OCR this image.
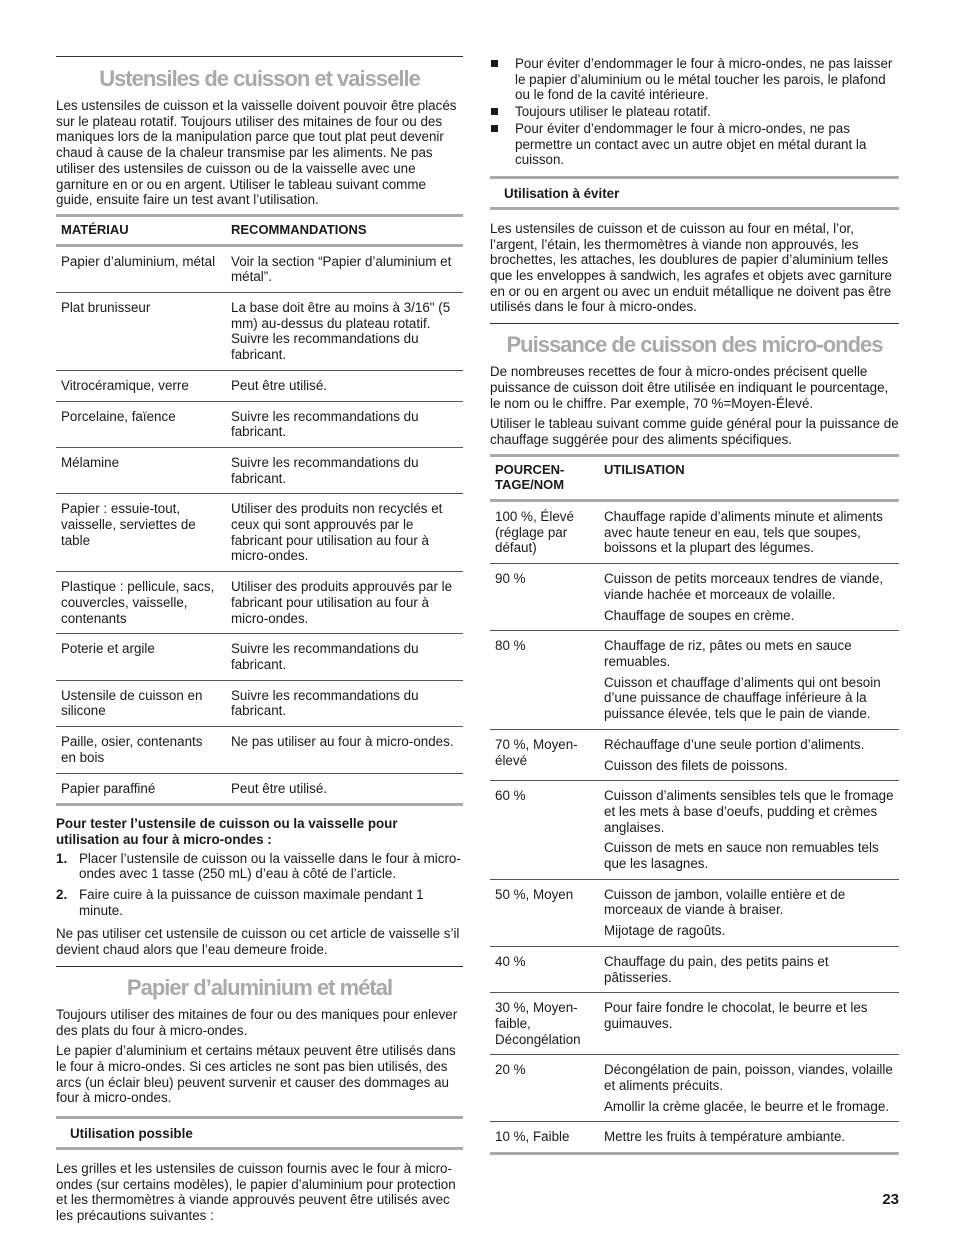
Ustensiles de cuisson et vaisselle

Les ustensiles de cuisson et la vaisselle doivent pouvoir être placés sur le plateau rotatif. Toujours utiliser des mitaines de four ou des maniques lors de la manipulation parce que tout plat peut devenir chaud à cause de la chaleur transmise par les aliments. Ne pas utiliser des ustensiles de cuisson ou de la vaisselle avec une garniture en or ou en argent. Utiliser le tableau suivant comme guide, ensuite faire un test avant l’utilisation.

MATÉRIAU	RECOMMANDATIONS
Papier d’aluminium, métal	Voir la section “Papier d’aluminium et métal”.
Plat brunisseur	La base doit être au moins à 3/16" (5 mm) au-dessus du plateau rotatif. Suivre les recommandations du fabricant.
Vitrocéramique, verre	Peut être utilisé.
Porcelaine, faïence	Suivre les recommandations du fabricant.
Mélamine	Suivre les recommandations du fabricant.
Papier : essuie-tout, vaisselle, serviettes de table	Utiliser des produits non recyclés et ceux qui sont approuvés par le fabricant pour utilisation au four à micro-ondes.
Plastique : pellicule, sacs, couvercles, vaisselle, contenants	Utiliser des produits approuvés par le fabricant pour utilisation au four à micro-ondes.
Poterie et argile	Suivre les recommandations du fabricant.
Ustensile de cuisson en silicone	Suivre les recommandations du fabricant.
Paille, osier, contenants en bois	Ne pas utiliser au four à micro-ondes.
Papier paraffiné	Peut être utilisé.
Pour tester l’ustensile de cuisson ou la vaisselle pour utilisation au four à micro-ondes :
1. Placer l’ustensile de cuisson ou la vaisselle dans le four à micro-ondes avec 1 tasse (250 mL) d’eau à côté de l’article.
2. Faire cuire à la puissance de cuisson maximale pendant 1 minute.

Ne pas utiliser cet ustensile de cuisson ou cet article de vaisselle s’il devient chaud alors que l’eau demeure froide.

Papier d’aluminium et métal

Toujours utiliser des mitaines de four ou des maniques pour enlever des plats du four à micro-ondes.

Le papier d’aluminium et certains métaux peuvent être utilisés dans le four à micro-ondes. Si ces articles ne sont pas bien utilisés, des arcs (un éclair bleu) peuvent survenir et causer des dommages au four à micro-ondes.

Utilisation possible

Les grilles et les ustensiles de cuisson fournis avec le four à micro-ondes (sur certains modèles), le papier d’aluminium pour protection et les thermomètres à viande approuvés peuvent être utilisés avec les précautions suivantes :

Pour éviter d’endommager le four à micro-ondes, ne pas laisser le papier d’aluminium ou le métal toucher les parois, le plafond ou le fond de la cavité intérieure.
Toujours utiliser le plateau rotatif.
Pour éviter d’endommager le four à micro-ondes, ne pas permettre un contact avec un autre objet en métal durant la cuisson.
Utilisation à éviter

Les ustensiles de cuisson et de cuisson au four en métal, l’or, l’argent, l’étain, les thermomètres à viande non approuvés, les brochettes, les attaches, les doublures de papier d’aluminium telles que les enveloppes à sandwich, les agrafes et objets avec garniture en or ou en argent ou avec un enduit métallique ne doivent pas être utilisés dans le four à micro-ondes.

Puissance de cuisson des micro-ondes

De nombreuses recettes de four à micro-ondes précisent quelle puissance de cuisson doit être utilisée en indiquant le pourcentage, le nom ou le chiffre. Par exemple, 70 %=Moyen-Élevé.

Utiliser le tableau suivant comme guide général pour la puissance de chauffage suggérée pour des aliments spécifiques.

POURCEN-
TAGE/NOM	UTILISATION
100 %, Élevé (réglage par défaut)	Chauffage rapide d’aliments minute et aliments avec haute teneur en eau, tels que soupes, boissons et la plupart des légumes.

90 %	Cuisson de petits morceaux tendres de viande, viande hachée et morceaux de volaille.

Chauffage de soupes en crème.

80 %	Chauffage de riz, pâtes ou mets en sauce remuables.

Cuisson et chauffage d’aliments qui ont besoin d’une puissance de chauffage inférieure à la puissance élevée, tels que le pain de viande.

70 %, Moyen-élevé	Réchauffage d’une seule portion d’aliments.

Cuisson des filets de poissons.

60 %	Cuisson d’aliments sensibles tels que le fromage et les mets à base d’oeufs, pudding et crèmes anglaises.

Cuisson de mets en sauce non remuables tels que les lasagnes.

50 %, Moyen	Cuisson de jambon, volaille entière et de morceaux de viande à braiser.

Mijotage de ragoûts.

40 %	Chauffage du pain, des petits pains et pâtisseries.

30 %, Moyen-faible, Décongélation	Pour faire fondre le chocolat, le beurre et les guimauves.

20 %	Décongélation de pain, poisson, viandes, volaille et aliments précuits.

Amollir la crème glacée, le beurre et le fromage.

10 %, Faible	Mettre les fruits à température ambiante.

23
